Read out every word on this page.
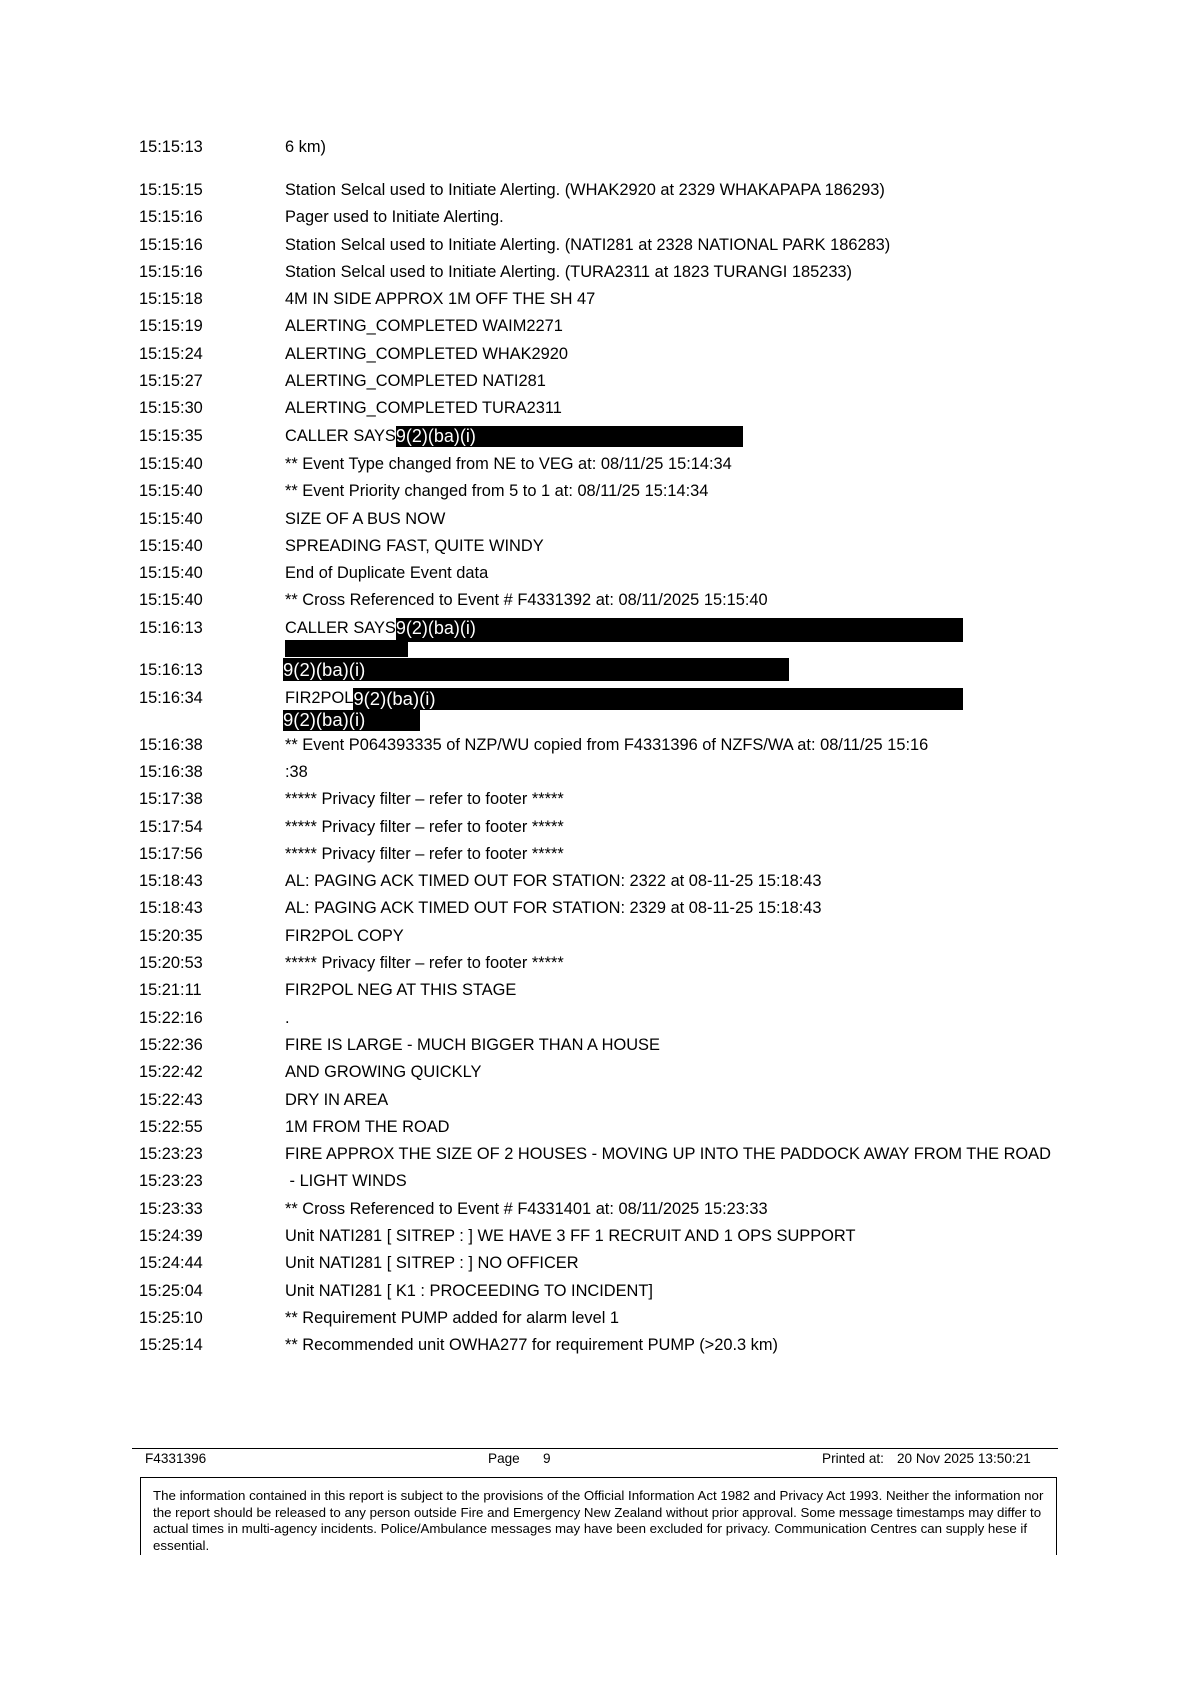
15:15:13	6 km)
15:15:15	Station Selcal used to Initiate Alerting. (WHAK2920 at 2329 WHAKAPAPA 186293)
15:15:16	Pager used to Initiate Alerting.
15:15:16	Station Selcal used to Initiate Alerting. (NATI281 at 2328 NATIONAL PARK 186283)
15:15:16	Station Selcal used to Initiate Alerting. (TURA2311 at 1823 TURANGI 185233)
15:15:18	4M IN SIDE APPROX 1M OFF THE SH 47
15:15:19	ALERTING_COMPLETED WAIM2271
15:15:24	ALERTING_COMPLETED WHAK2920
15:15:27	ALERTING_COMPLETED NATI281
15:15:30	ALERTING_COMPLETED TURA2311
15:15:35	CALLER SAYS9(2)(ba)(i)
15:15:40	** Event Type changed from NE to VEG at: 08/11/25 15:14:34
15:15:40	** Event Priority changed from 5 to 1 at: 08/11/25 15:14:34
15:15:40	SIZE OF A BUS NOW
15:15:40	SPREADING FAST, QUITE WINDY
15:15:40	End of Duplicate Event data
15:15:40	** Cross Referenced to Event # F4331392 at: 08/11/2025 15:15:40
15:16:13	CALLER SAYS9(2)(ba)(i)
15:16:13	9(2)(ba)(i)
15:16:34	FIR2POL9(2)(ba)(i)
9(2)(ba)(i)
15:16:38	** Event P064393335 of NZP/WU copied from F4331396 of NZFS/WA at: 08/11/25 15:16
15:16:38	:38
15:17:38	***** Privacy filter – refer to footer *****
15:17:54	***** Privacy filter – refer to footer *****
15:17:56	***** Privacy filter – refer to footer *****
15:18:43	AL: PAGING ACK TIMED OUT FOR STATION: 2322 at 08-11-25 15:18:43
15:18:43	AL: PAGING ACK TIMED OUT FOR STATION: 2329 at 08-11-25 15:18:43
15:20:35	FIR2POL COPY
15:20:53	***** Privacy filter – refer to footer *****
15:21:11	FIR2POL NEG AT THIS STAGE
15:22:16	.
15:22:36	FIRE IS LARGE - MUCH BIGGER THAN A HOUSE
15:22:42	AND GROWING QUICKLY
15:22:43	DRY IN AREA
15:22:55	1M FROM THE ROAD
15:23:23	FIRE APPROX THE SIZE OF 2 HOUSES - MOVING UP INTO THE PADDOCK AWAY FROM THE ROAD
15:23:23	- LIGHT WINDS
15:23:33	** Cross Referenced to Event # F4331401 at: 08/11/2025 15:23:33
15:24:39	Unit NATI281 [ SITREP : ] WE HAVE 3 FF 1 RECRUIT AND 1 OPS SUPPORT
15:24:44	Unit NATI281 [ SITREP : ] NO OFFICER
15:25:04	Unit NATI281 [ K1 : PROCEEDING TO INCIDENT]
15:25:10	** Requirement PUMP added for alarm level 1
15:25:14	** Recommended unit OWHA277 for requirement PUMP (>20.3 km)
F4331396	Page 9	Printed at: 20 Nov 2025 13:50:21
The information contained in this report is subject to the provisions of the Official Information Act 1982 and Privacy Act 1993. Neither the information nor the report should be released to any person outside Fire and Emergency New Zealand without prior approval. Some message timestamps may differ to actual times in multi-agency incidents. Police/Ambulance messages may have been excluded for privacy. Communication Centres can supply hese if essential.
